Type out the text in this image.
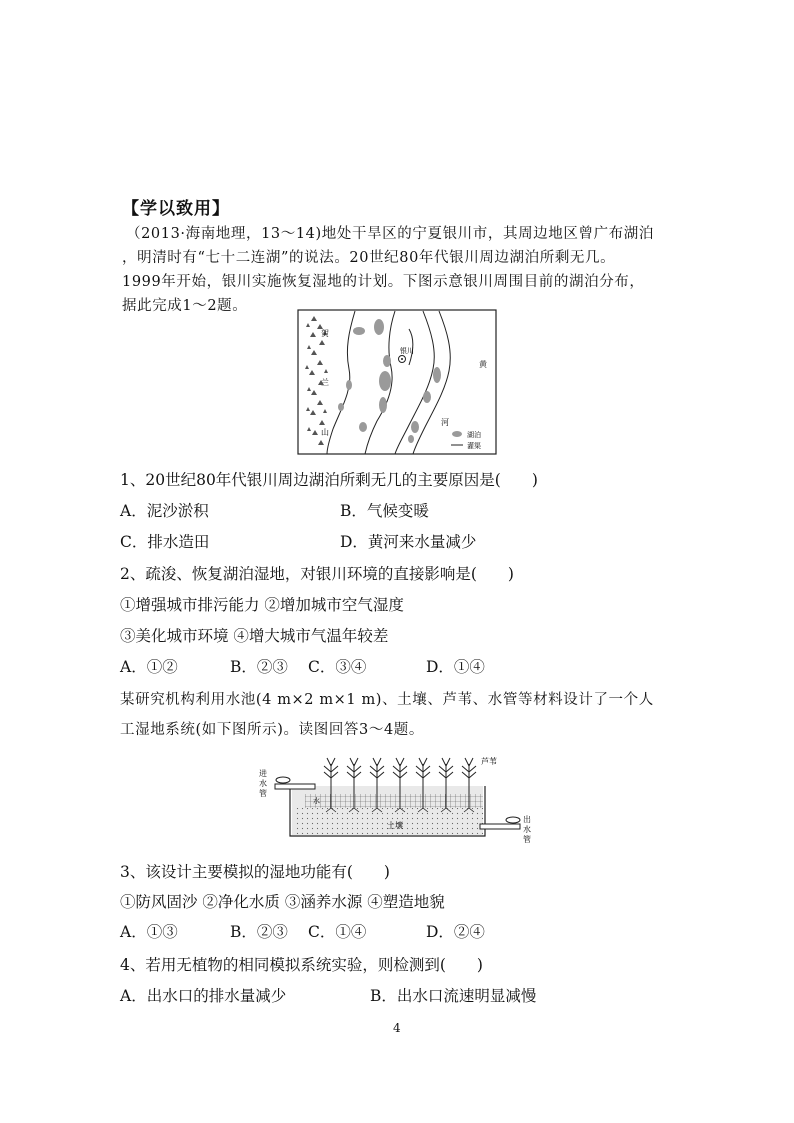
【学以致用】
（2013·海南地理，13～14)地处干旱区的宁夏银川市，其周边地区曾广布湖泊
，明清时有“七十二连湖”的说法。20世纪80年代银川周边湖泊所剩无几。
1999年开始，银川实施恢复湿地的计划。下图示意银川周围目前的湖泊分布，
据此完成1～2题。
贺
兰
山
银川
黄
河
湖泊
灌渠
1、20世纪80年代银川周边湖泊所剩无几的主要原因是(　　)
A．泥沙淤积	B．气候变暖
C．排水造田	D．黄河来水量减少
2、疏浚、恢复湖泊湿地，对银川环境的直接影响是(　　)
①增强城市排污能力 ②增加城市空气湿度
③美化城市环境 ④增大城市气温年较差
A．①②	B．②③ C．③④	D．①④
某研究机构利用水池(4 m×2 m×1 m)、土壤、芦苇、水管等材料设计了一个人
工湿地系统(如下图所示)。读图回答3～4题。
进
水
管
出
水
管
芦苇
水
土壤
3、该设计主要模拟的湿地功能有(　　)
①防风固沙 ②净化水质 ③涵养水源 ④塑造地貌
A．①③	B．②③ C．①④	D．②④
4、若用无植物的相同模拟系统实验，则检测到(　　)
A．出水口的排水量减少	B．出水口流速明显减慢
4
